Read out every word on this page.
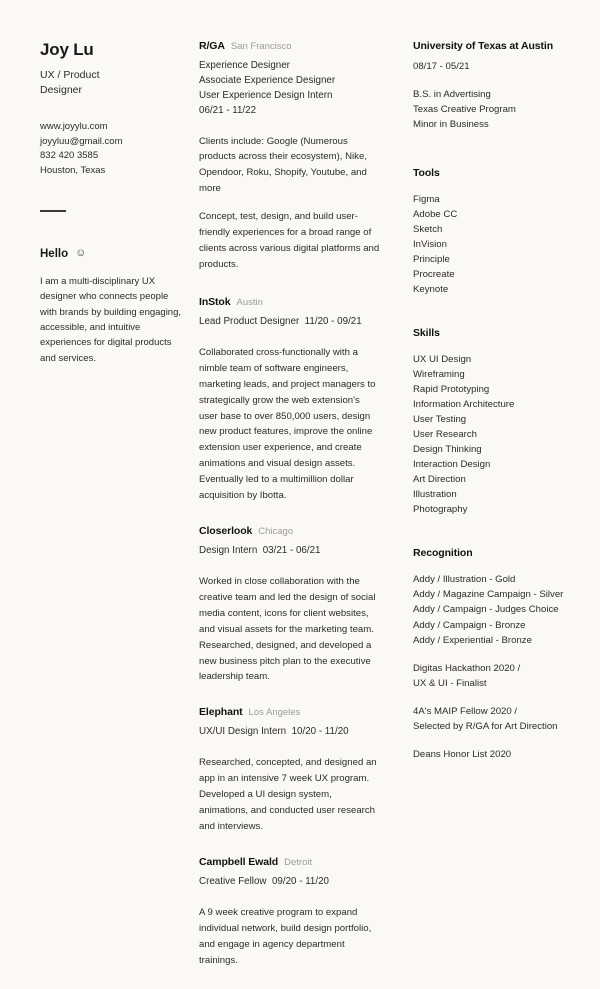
Joy Lu

UX / Product

Designer

www.joyylu.com
joyyluu@gmail.com
832 420 3585
Houston, Texas
Hello ☺
I am a multi-disciplinary UX designer who connects people with brands by building engaging, accessible, and intuitive experiences for digital products and services.
R/GA San Francisco
Experience Designer
Associate Experience Designer
User Experience Design Intern
06/21 - 11/22
Clients include: Google (Numerous products across their ecosystem), Nike, Opendoor, Roku, Shopify, Youtube, and more
Concept, test, design, and build user-friendly experiences for a broad range of clients across various digital platforms and products.
InStok Austin
Lead Product Designer 11/20 - 09/21
Collaborated cross-functionally with a nimble team of software engineers, marketing leads, and project managers to strategically grow the web extension's user base to over 850,000 users, design new product features, improve the online extension user experience, and create animations and visual design assets. Eventually led to a multimillion dollar acquisition by Ibotta.
Closerlook Chicago
Design Intern 03/21 - 06/21
Worked in close collaboration with the creative team and led the design of social media content, icons for client websites, and visual assets for the marketing team. Researched, designed, and developed a new business pitch plan to the executive leadership team.
Elephant Los Angeles
UX/UI Design Intern 10/20 - 11/20
Researched, concepted, and designed an app in an intensive 7 week UX program. Developed a UI design system, animations, and conducted user research and interviews.
Campbell Ewald Detroit
Creative Fellow 09/20 - 11/20
A 9 week creative program to expand individual network, build design portfolio, and engage in agency department trainings.
University of Texas at Austin
08/17 - 05/21
B.S. in Advertising
Texas Creative Program
Minor in Business
Tools
Figma
Adobe CC
Sketch
InVision
Principle
Procreate
Keynote
Skills
UX UI Design
Wireframing
Rapid Prototyping
Information Architecture
User Testing
User Research
Design Thinking
Interaction Design
Art Direction
Illustration
Photography
Recognition
Addy / Illustration - Gold
Addy / Magazine Campaign - Silver
Addy / Campaign - Judges Choice
Addy / Campaign - Bronze
Addy / Experiential - Bronze
Digitas Hackathon 2020 /
UX & UI - Finalist
4A's MAIP Fellow 2020 /
Selected by R/GA for Art Direction
Deans Honor List 2020
